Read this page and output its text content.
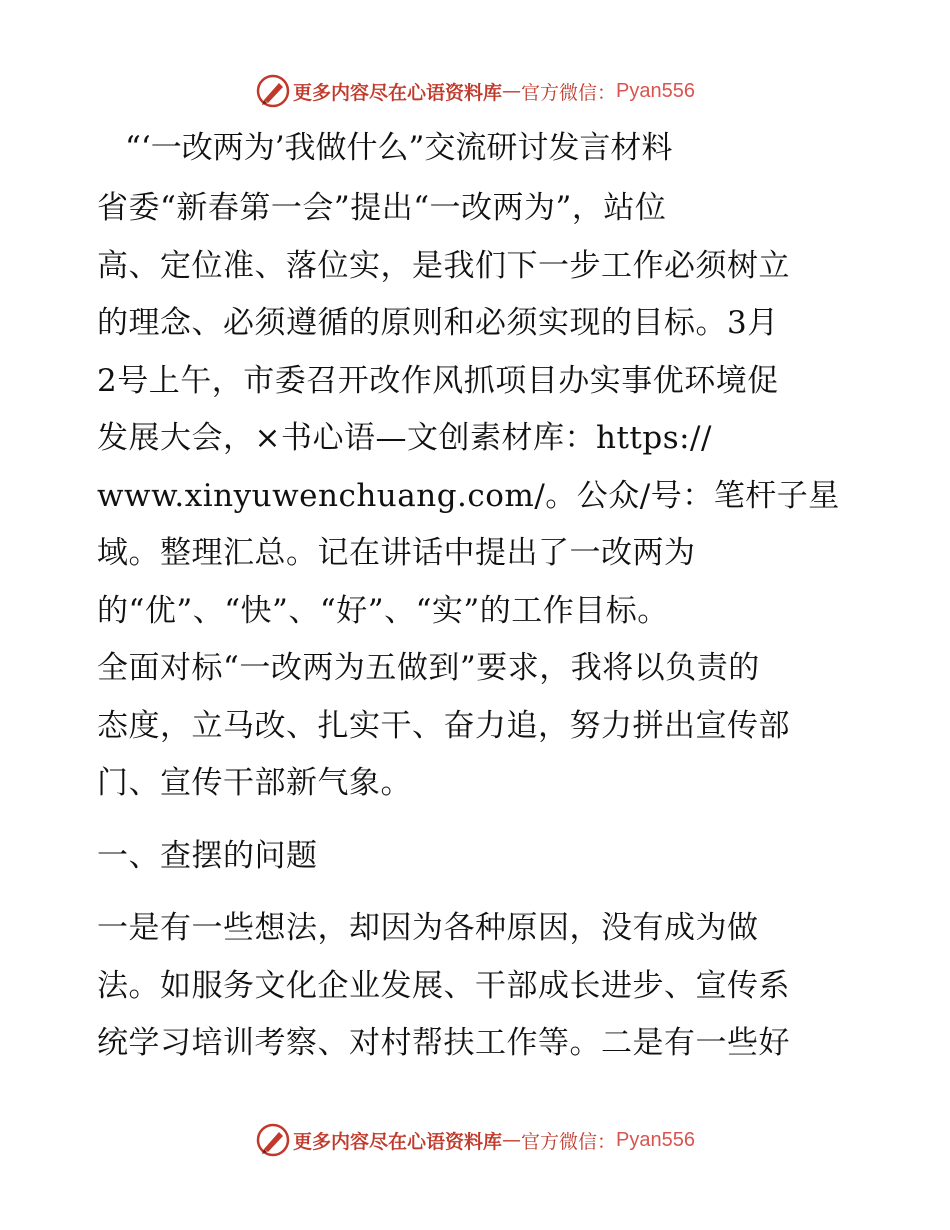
更多内容尽在心语资料库 — 官方微信： Pyan556
“‘一改两为’我做什么”交流研讨发言材料
省委“新春第一会”提出“一改两为”，站位
高、定位准、落位实，是我们下一步工作必须树立
的理念、必须遵循的原则和必须实现的目标。3月
2号上午，市委召开改作风抓项目办实事优环境促
发展大会，×书心语—文创素材库：https://
www.xinyuwenchuang.com/。公众/号：笔杆子星
域。整理汇总。记在讲话中提出了一改两为
的“优”、“快”、“好”、“实”的工作目标。
全面对标“一改两为五做到”要求，我将以负责的
态度，立马改、扎实干、奋力追，努力拼出宣传部
门、宣传干部新气象。
一、查摆的问题
一是有一些想法，却因为各种原因，没有成为做
法。如服务文化企业发展、干部成长进步、宣传系
统学习培训考察、对村帮扶工作等。二是有一些好
更多内容尽在心语资料库 — 官方微信： Pyan556
